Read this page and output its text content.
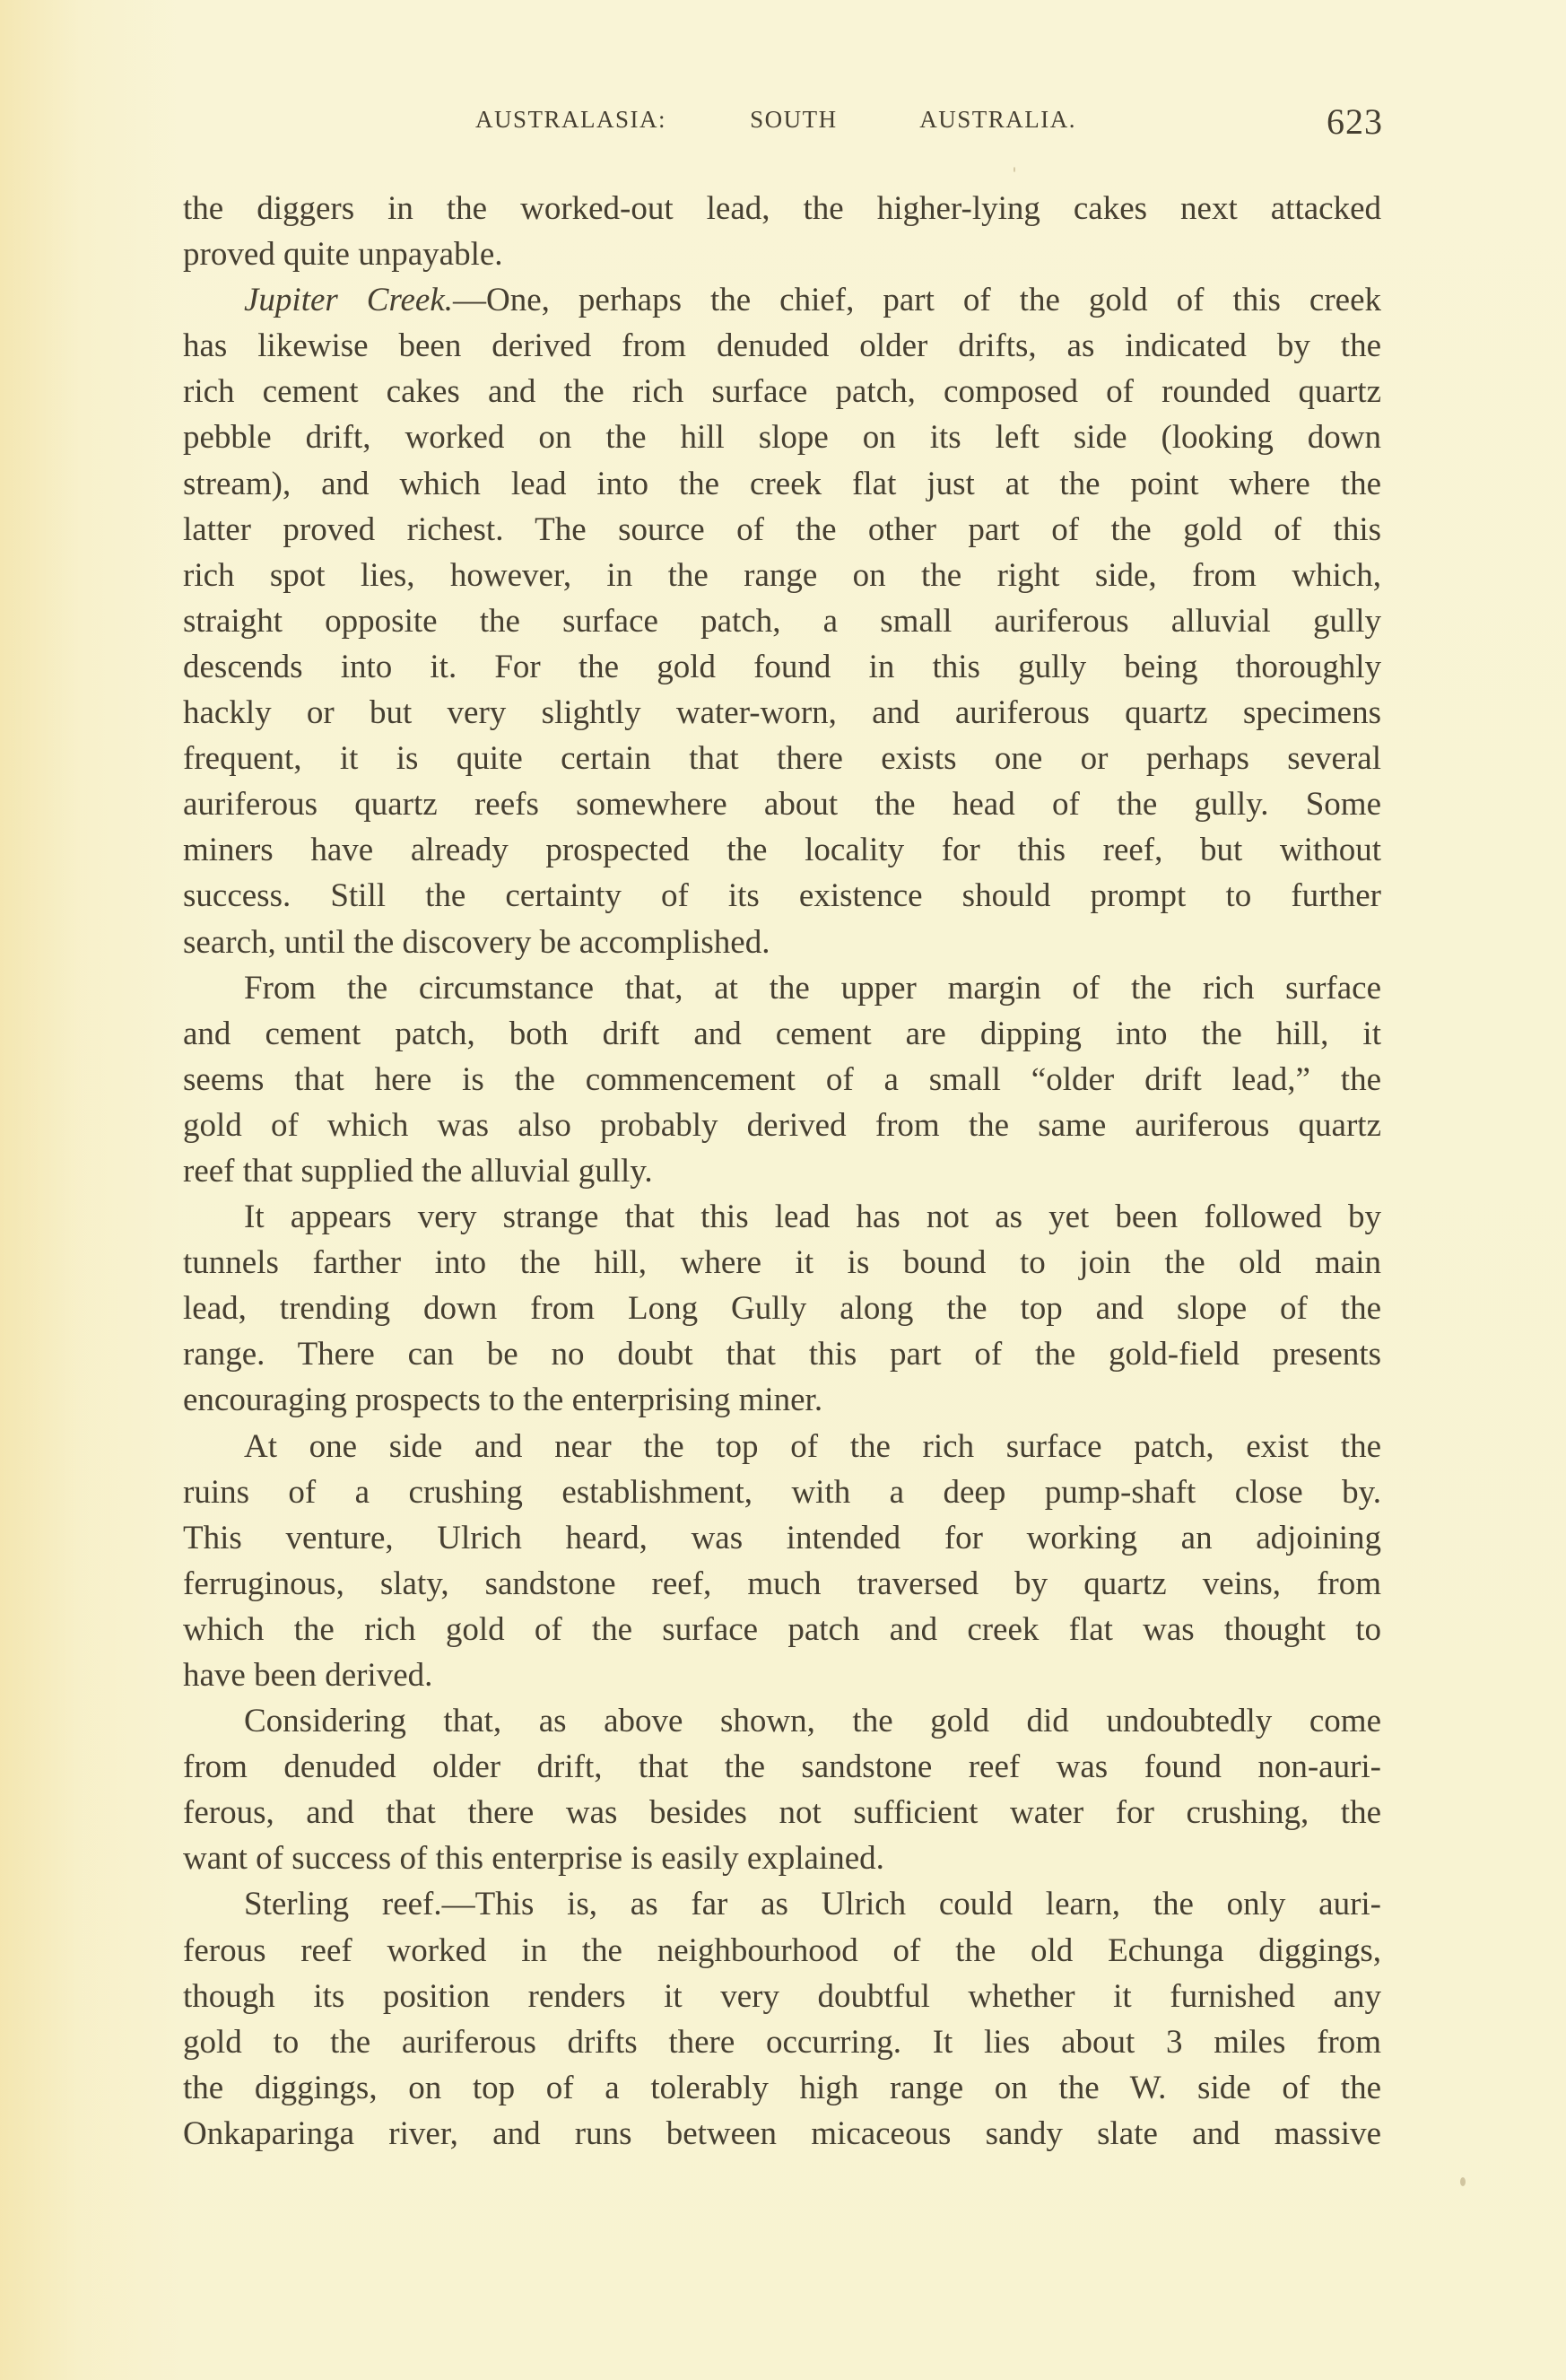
AUSTRALASIA: SOUTH AUSTRALIA.	623
the diggers in the worked-out lead, the higher-lying cakes next attacked
proved quite unpayable.
Jupiter Creek.—One, perhaps the chief, part of the gold of this creek
has likewise been derived from denuded older drifts, as indicated by the
rich cement cakes and the rich surface patch, composed of rounded quartz
pebble drift, worked on the hill slope on its left side (looking down
stream), and which lead into the creek flat just at the point where the
latter proved richest. The source of the other part of the gold of this
rich spot lies, however, in the range on the right side, from which,
straight opposite the surface patch, a small auriferous alluvial gully
descends into it. For the gold found in this gully being thoroughly
hackly or but very slightly water-worn, and auriferous quartz specimens
frequent, it is quite certain that there exists one or perhaps several
auriferous quartz reefs somewhere about the head of the gully. Some
miners have already prospected the locality for this reef, but without
success. Still the certainty of its existence should prompt to further
search, until the discovery be accomplished.
From the circumstance that, at the upper margin of the rich surface
and cement patch, both drift and cement are dipping into the hill, it
seems that here is the commencement of a small “older drift lead,” the
gold of which was also probably derived from the same auriferous quartz
reef that supplied the alluvial gully.
It appears very strange that this lead has not as yet been followed by
tunnels farther into the hill, where it is bound to join the old main
lead, trending down from Long Gully along the top and slope of the
range. There can be no doubt that this part of the gold-field presents
encouraging prospects to the enterprising miner.
At one side and near the top of the rich surface patch, exist the
ruins of a crushing establishment, with a deep pump-shaft close by.
This venture, Ulrich heard, was intended for working an adjoining
ferruginous, slaty, sandstone reef, much traversed by quartz veins, from
which the rich gold of the surface patch and creek flat was thought to
have been derived.
Considering that, as above shown, the gold did undoubtedly come
from denuded older drift, that the sandstone reef was found non-auri-
ferous, and that there was besides not sufficient water for crushing, the
want of success of this enterprise is easily explained.
Sterling reef.—This is, as far as Ulrich could learn, the only auri-
ferous reef worked in the neighbourhood of the old Echunga diggings,
though its position renders it very doubtful whether it furnished any
gold to the auriferous drifts there occurring. It lies about 3 miles from
the diggings, on top of a tolerably high range on the W. side of the
Onkaparinga river, and runs between micaceous sandy slate and massive
